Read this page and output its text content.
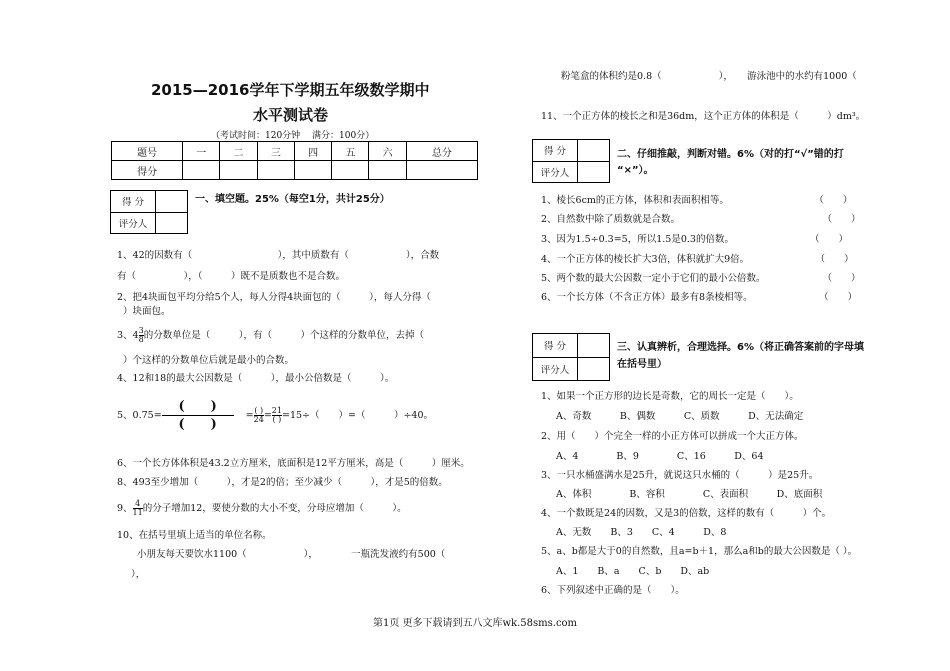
2015—2016学年下学期五年级数学期中
水平测试卷
（考试时间：120分钟　 满分：100分）
题号	一	二	三	四	五	六	总分
得分							
得 分
评分人
一、填空题。25%（每空1分，共计25分）
1、42的因数有（　　　　　　　　　），其中质数有（　　　　　　），合数
有（　　　　　），（　　　）既不是质数也不是合数。
2、把4块面包平均分给5个人，每人分得4块面包的（　　　），每人分得（
）块面包。
3、$4 \frac{3}{8}$ 的分数单位是（　　　），有（　　　）个这样的分数单位，去掉（
）个这样的分数单位后就是最小的合数。
4、12和18的最大公因数是（　　　），最小公倍数是（　　　）。
5、$0.75= \frac{( )}{( )} = \frac{( )}{24} = \frac{21}{( )} =15\div$（　　）=（　　　）÷40。
6、一个长方体体积是43.2立方厘米，底面积是12平方厘米，高是（　　　）厘米。
8、493至少增加（　　　），才是2的倍；至少减少（　　　），才是5的倍数。
9、 $\frac{4}{11}$ 的分子增加12，要使分数的大小不变，分母应增加（　　　）。
10、在括号里填上适当的单位名称。
小朋友每天要饮水1100（　　　　　　），　　　　一瓶洗发液约有500（
），
粉笔盒的体积约是0.8（　　　　　　），　　游泳池中的水约有1000（
11、一个正方体的棱长之和是36dm，这个正方体的体积是（　　　）dm³。
得 分
评分人
二、仔细推敲，判断对错。6%（对的打“√”错的打
“×”）。
1、棱长6cm的正方体，体积和表面积相等。　　　　　　　　　　（　　）
2、自然数中除了质数就是合数。　　　　　　　　　　　　　　　　（　　）
3、因为1.5÷0.3=5，所以1.5是0.3的倍数。　　　　　　　　　（　　）
4、一个正方体的棱长扩大3倍，体积就扩大9倍。　　　　　　　　（　　）
5、两个数的最大公因数一定小于它们的最小公倍数。　　　　　　　（　　）
6、一个长方体（不含正方体）最多有8条棱相等。　　　　　　　　（　　）
得 分
评分人
三、认真辨析，合理选择。6%（将正确答案前的字母填
在括号里）
1、如果一个正方形的边长是奇数，它的周长一定是（　　）。
A、奇数　　　B、偶数　　　C、质数　　　D、无法确定
2、用（　　）个完全一样的小正方体可以拼成一个大正方体。
A、4　　　　B、9　　　　C、16　　　D、64
3、一只水桶盛满水是25升，就说这只水桶的（　　　）是25升。
A、体积　　　　B、容积　　　　C、表面积　　　D、底面积
4、一个数既是24的因数，又是3的倍数，这样的数有（　　　）个。
A、无数　　B、3　　C、4　　　D、8
5、a、b都是大于0的自然数，且a=b＋1，那么a和b的最大公因数是（ ）。
A、1　　B、a　　C、b　　D、ab
6、下列叙述中正确的是（　　）。
第1页 更多下载请到五八文库wk.58sms.com
